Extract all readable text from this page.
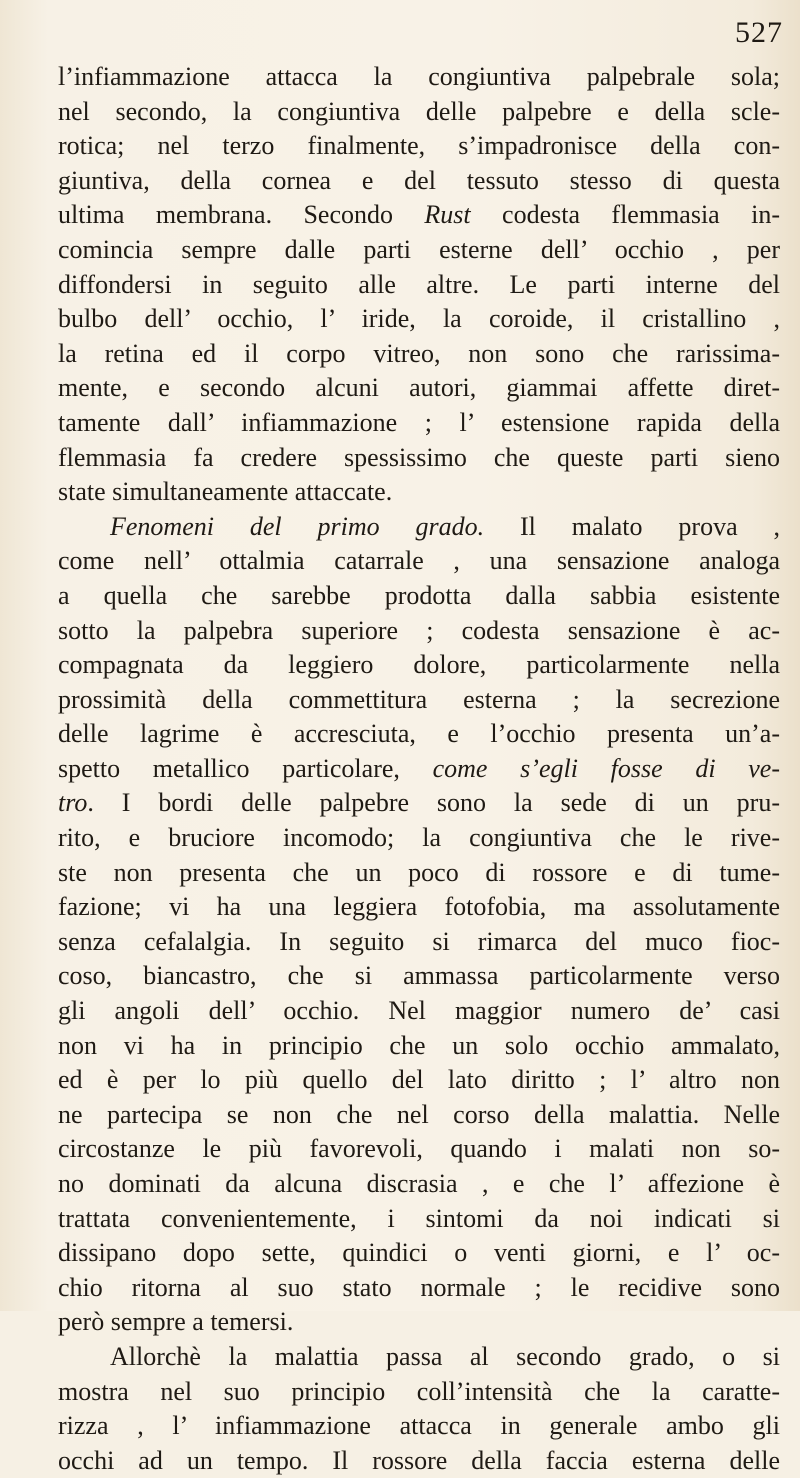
527
l’infiammazione attacca la congiuntiva palpebrale sola;
nel secondo, la congiuntiva delle palpebre e della scle-
rotica; nel terzo finalmente, s’impadronisce della con-
giuntiva, della cornea e del tessuto stesso di questa
ultima membrana. Secondo Rust codesta flemmasia in-
comincia sempre dalle parti esterne dell’ occhio , per
diffondersi in seguito alle altre. Le parti interne del
bulbo dell’ occhio, l’ iride, la coroide, il cristallino ,
la retina ed il corpo vitreo, non sono che rarissima-
mente, e secondo alcuni autori, giammai affette diret-
tamente dall’ infiammazione ; l’ estensione rapida della
flemmasia fa credere spessissimo che queste parti sieno
state simultaneamente attaccate.
Fenomeni del primo grado. Il malato prova ,
come nell’ ottalmia catarrale , una sensazione analoga
a quella che sarebbe prodotta dalla sabbia esistente
sotto la palpebra superiore ; codesta sensazione è ac-
compagnata da leggiero dolore, particolarmente nella
prossimità della commettitura esterna ; la secrezione
delle lagrime è accresciuta, e l’occhio presenta un’a-
spetto metallico particolare, come s’egli fosse di ve-
tro. I bordi delle palpebre sono la sede di un pru-
rito, e bruciore incomodo; la congiuntiva che le rive-
ste non presenta che un poco di rossore e di tume-
fazione; vi ha una leggiera fotofobia, ma assolutamente
senza cefalalgia. In seguito si rimarca del muco fioc-
coso, biancastro, che si ammassa particolarmente verso
gli angoli dell’ occhio. Nel maggior numero de’ casi
non vi ha in principio che un solo occhio ammalato,
ed è per lo più quello del lato diritto ; l’ altro non
ne partecipa se non che nel corso della malattia. Nelle
circostanze le più favorevoli, quando i malati non so-
no dominati da alcuna discrasia , e che l’ affezione è
trattata convenientemente, i sintomi da noi indicati si
dissipano dopo sette, quindici o venti giorni, e l’ oc-
chio ritorna al suo stato normale ; le recidive sono
però sempre a temersi.
Allorchè la malattia passa al secondo grado, o si
mostra nel suo principio coll’intensità che la caratte-
rizza , l’ infiammazione attacca in generale ambo gli
occhi ad un tempo. Il rossore della faccia esterna delle
